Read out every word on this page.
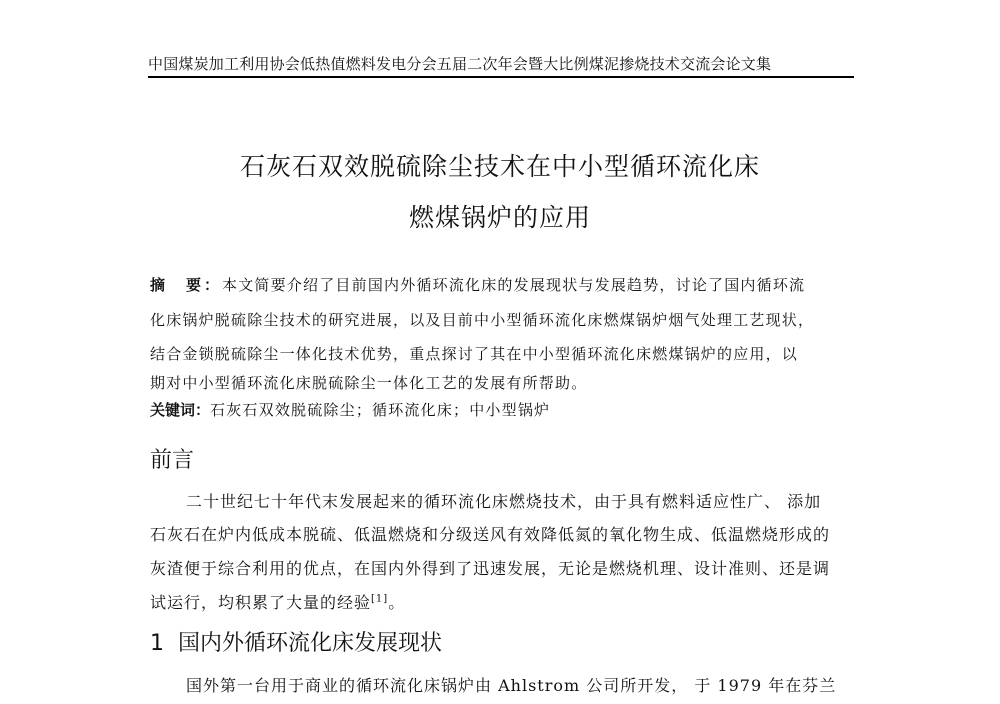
中国煤炭加工利用协会低热值燃料发电分会五届二次年会暨大比例煤泥掺烧技术交流会论文集
石灰石双效脱硫除尘技术在中小型循环流化床
燃煤锅炉的应用
摘　要：本文简要介绍了目前国内外循环流化床的发展现状与发展趋势，讨论了国内循环流
化床锅炉脱硫除尘技术的研究进展，以及目前中小型循环流化床燃煤锅炉烟气处理工艺现状，
结合金锁脱硫除尘一体化技术优势，重点探讨了其在中小型循环流化床燃煤锅炉的应用，以
期对中小型循环流化床脱硫除尘一体化工艺的发展有所帮助。
关键词：石灰石双效脱硫除尘；循环流化床；中小型锅炉
前言
二十世纪七十年代末发展起来的循环流化床燃烧技术，由于具有燃料适应性广、 添加
石灰石在炉内低成本脱硫、低温燃烧和分级送风有效降低氮的氧化物生成、低温燃烧形成的
灰渣便于综合利用的优点，在国内外得到了迅速发展，无论是燃烧机理、设计准则、还是调
试运行，均积累了大量的经验[1]。
1 国内外循环流化床发展现状
国外第一台用于商业的循环流化床锅炉由 Ahlstrom 公司所开发， 于 1979 年在芬兰
